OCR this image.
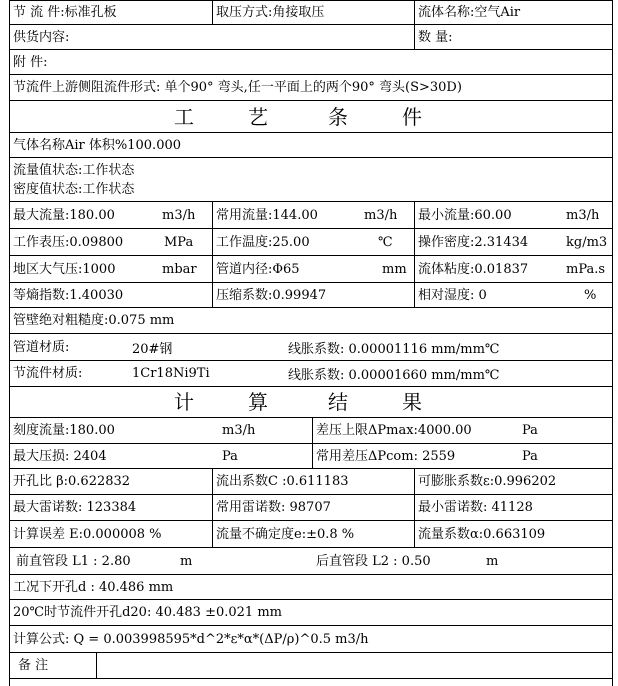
节 流 件:标准孔板	取压方式:角接取压	流体名称:空气Air
供货内容:	数 量:
附 件:
节流件上游侧阻流件形式: 单个90° 弯头,任一平面上的两个90° 弯头(S>30D)
工	艺	条	件
气体名称Air 体积%100.000
流量值状态:工作状态
密度值状态:工作状态
最大流量:180.00	m3/h	常用流量:144.00	m3/h	最小流量:60.00	m3/h
工作表压:0.09800	MPa	工作温度:25.00	℃	操作密度:2.31434	kg/m3
地区大气压:1000	mbar	管道内径:Φ65	mm 流体粘度:0.01837	mPa.s
等熵指数:1.40030	压缩系数:0.99947	相对湿度: 0	%
管壁绝对粗糙度:0.075 mm
管道材质:	20#钢	线胀系数: 0.00001116 mm/mm℃
节流件材质:	1Cr18Ni9Ti	线胀系数: 0.00001660 mm/mm℃
计	算	结	果
刻度流量:180.00	m3/h	差压上限ΔPmax:4000.00	Pa
最大压损: 2404	Pa	常用差压ΔPcom: 2559	Pa
开孔比 β:0.622832	流出系数C :0.611183	可膨胀系数ε:0.996202
最大雷诺数: 123384	常用雷诺数: 98707	最小雷诺数: 41128
计算误差 E:0.000008 %	流量不确定度e:±0.8 %	流量系数α:0.663109
前直管段 L1 : 2.80	m	后直管段 L2 : 0.50	m
工况下开孔d : 40.486 mm
20℃时节流件开孔d20: 40.483 ±0.021 mm
计算公式: Q = 0.003998595*d^2*ε*α*(ΔP/ρ)^0.5 m3/h
备 注
